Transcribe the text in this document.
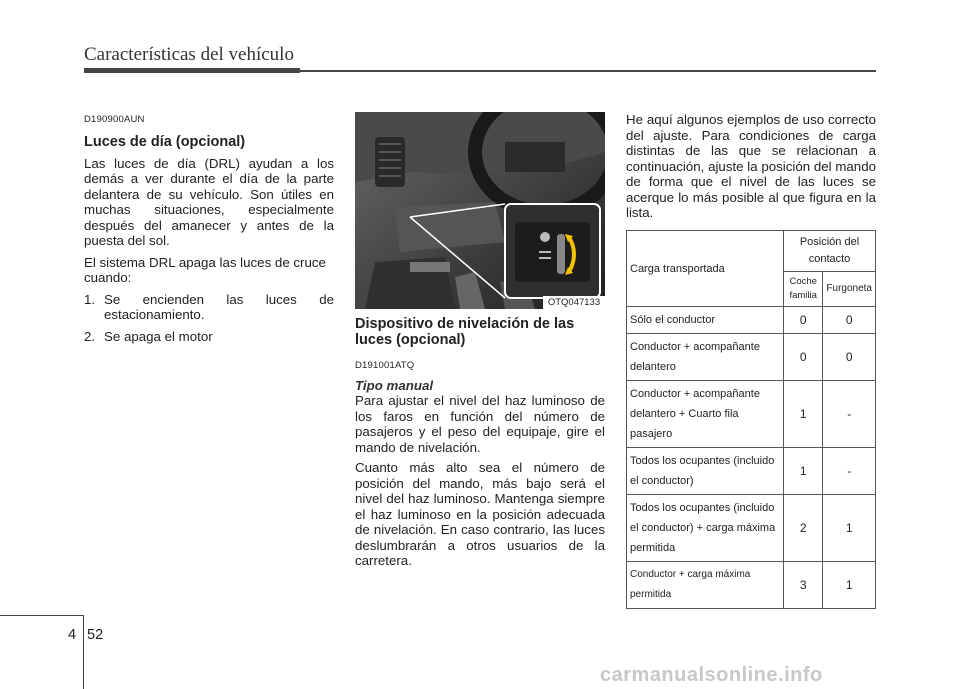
Características del vehículo

D190900AUN

Luces de día (opcional)

Las luces de día (DRL) ayudan a los demás a ver durante el día de la parte delantera de su vehículo. Son útiles en muchas situaciones, especialmente después del amanecer y antes de la puesta del sol.

El sistema DRL apaga las luces de cruce cuando:

1. Se encienden las luces de estacionamiento.
2. Se apaga el motor
OTQ047133

Dispositivo de nivelación de las luces (opcional)

D191001ATQ

Tipo manual

Para ajustar el nivel del haz luminoso de los faros en función del número de pasajeros y el peso del equipaje, gire el mando de nivelación.

Cuanto más alto sea el número de posición del mando, más bajo será el nivel del haz luminoso. Mantenga siempre el haz luminoso en la posición adecuada de nivelación. En caso contrario, las luces deslumbrarán a otros usuarios de la carretera.

He aquí algunos ejemplos de uso correcto del ajuste. Para condiciones de carga distintas de las que se relacionan a continuación, ajuste la posición del mando de forma que el nivel de las luces se acerque lo más posible al que figura en la lista.

Carga transportada	Posición del contacto	
	Coche familia	Furgoneta
Sólo el conductor	0	0
Conductor + acompañante delantero	0	0
Conductor + acompañante delantero + Cuarto fila pasajero	1	-
Todos los ocupantes (incluido el conductor)	1	-
Todos los ocupantes (incluido el conductor) + carga máxima permitida	2	1
Conductor + carga máxima permitida	3	1
4 52
carmanualsonline.info
